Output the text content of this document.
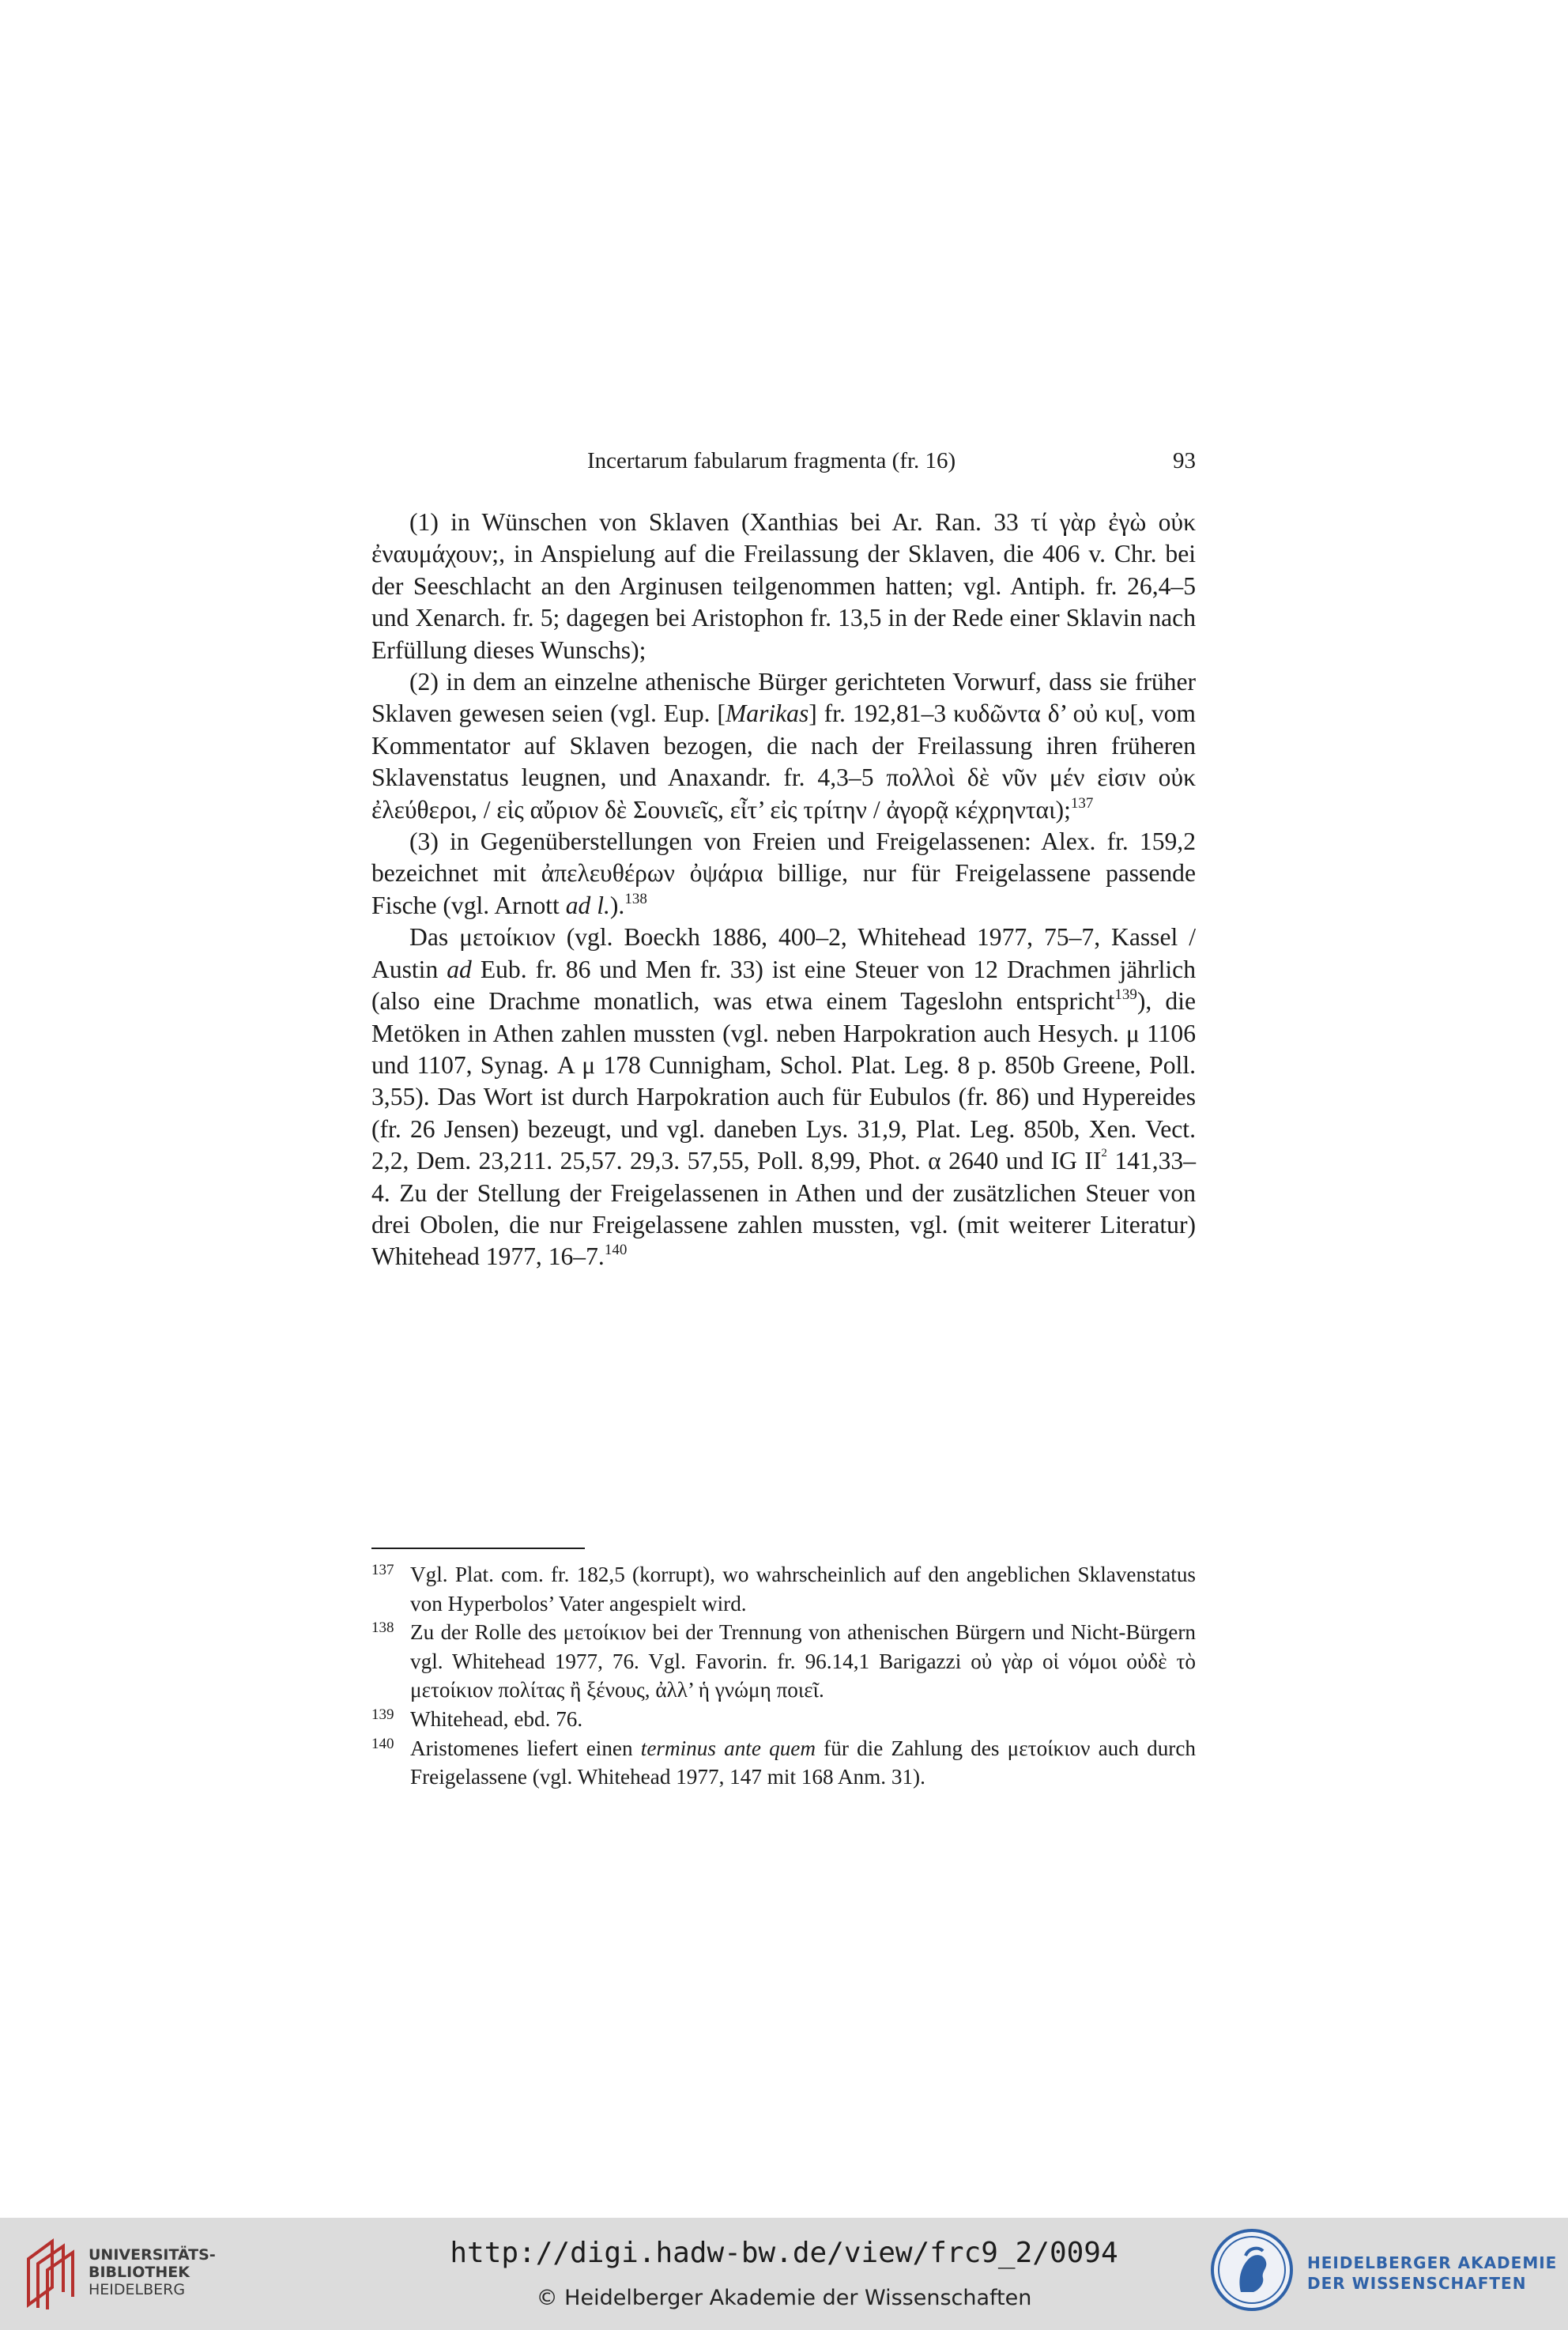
Incertarum fabularum fragmenta (fr. 16)	93

(1) in Wünschen von Sklaven (Xanthias bei Ar. Ran. 33 τί γὰρ ἐγὼ οὐκ ἐναυμάχουν;, in Anspielung auf die Freilassung der Sklaven, die 406 v. Chr. bei der Seeschlacht an den Arginusen teilgenommen hatten; vgl. Antiph. fr. 26,4–5 und Xenarch. fr. 5; dagegen bei Aristophon fr. 13,5 in der Rede einer Sklavin nach Erfüllung dieses Wunschs);

(2) in dem an einzelne athenische Bürger gerichteten Vorwurf, dass sie früher Sklaven gewesen seien (vgl. Eup. [Marikas] fr. 192,81–3 κυδῶντα δ’ οὐ κυ[, vom Kommentator auf Sklaven bezogen, die nach der Freilassung ihren früheren Sklavenstatus leugnen, und Anaxandr. fr. 4,3–5 πολλοὶ δὲ νῦν μέν εἰσιν οὐκ ἐλεύθεροι, / εἰς αὔριον δὲ Σουνιεῖς, εἶτ’ εἰς τρίτην / ἀγορᾷ κέχρηνται);$^{137}$

(3) in Gegenüberstellungen von Freien und Freigelassenen: Alex. fr. 159,2 bezeichnet mit ἀπελευθέρων ὀψάρια billige, nur für Freigelassene passende Fische (vgl. Arnott ad l.).$^{138}$

Das μετοίκιον (vgl. Boeckh 1886, 400–2, Whitehead 1977, 75–7, Kassel / Austin ad Eub. fr. 86 und Men fr. 33) ist eine Steuer von 12 Drachmen jährlich (also eine Drachme monatlich, was etwa einem Tageslohn entspricht$^{139}$), die Metöken in Athen zahlen mussten (vgl. neben Harpokration auch Hesych. μ 1106 und 1107, Synag. Α μ 178 Cunnigham, Schol. Plat. Leg. 8 p. 850b Greene, Poll. 3,55). Das Wort ist durch Harpokration auch für Eubulos (fr. 86) und Hypereides (fr. 26 Jensen) bezeugt, und vgl. daneben Lys. 31,9, Plat. Leg. 850b, Xen. Vect. 2,2, Dem. 23,211. 25,57. 29,3. 57,55, Poll. 8,99, Phot. α 2640 und IG $II^2$ 141,33–4. Zu der Stellung der Freigelassenen in Athen und der zusätzlichen Steuer von drei Obolen, die nur Freigelassene zahlen mussten, vgl. (mit weiterer Literatur) Whitehead 1977, 16–7.$^{140}$

137 Vgl. Plat. com. fr. 182,5 (korrupt), wo wahrscheinlich auf den angeblichen Sklavenstatus von Hyperbolos’ Vater angespielt wird.
138 Zu der Rolle des μετοίκιον bei der Trennung von athenischen Bürgern und Nicht-Bürgern vgl. Whitehead 1977, 76. Vgl. Favorin. fr. 96.14,1 Barigazzi οὐ γὰρ οἱ νόμοι οὐδὲ τὸ μετοίκιον πολίτας ἢ ξένους, ἀλλ’ ἡ γνώμη ποιεῖ.
139 Whitehead, ebd. 76.
140 Aristomenes liefert einen terminus ante quem für die Zahlung des μετοίκιον auch durch Freigelassene (vgl. Whitehead 1977, 147 mit 168 Anm. 31).
UNIVERSITÄTS-
BIBLIOTHEK
HEIDELBERG
http://digi.hadw-bw.de/view/frc9_2/0094
© Heidelberger Akademie der Wissenschaften
HEIDELBERGER AKADEMIE
DER WISSENSCHAFTEN
